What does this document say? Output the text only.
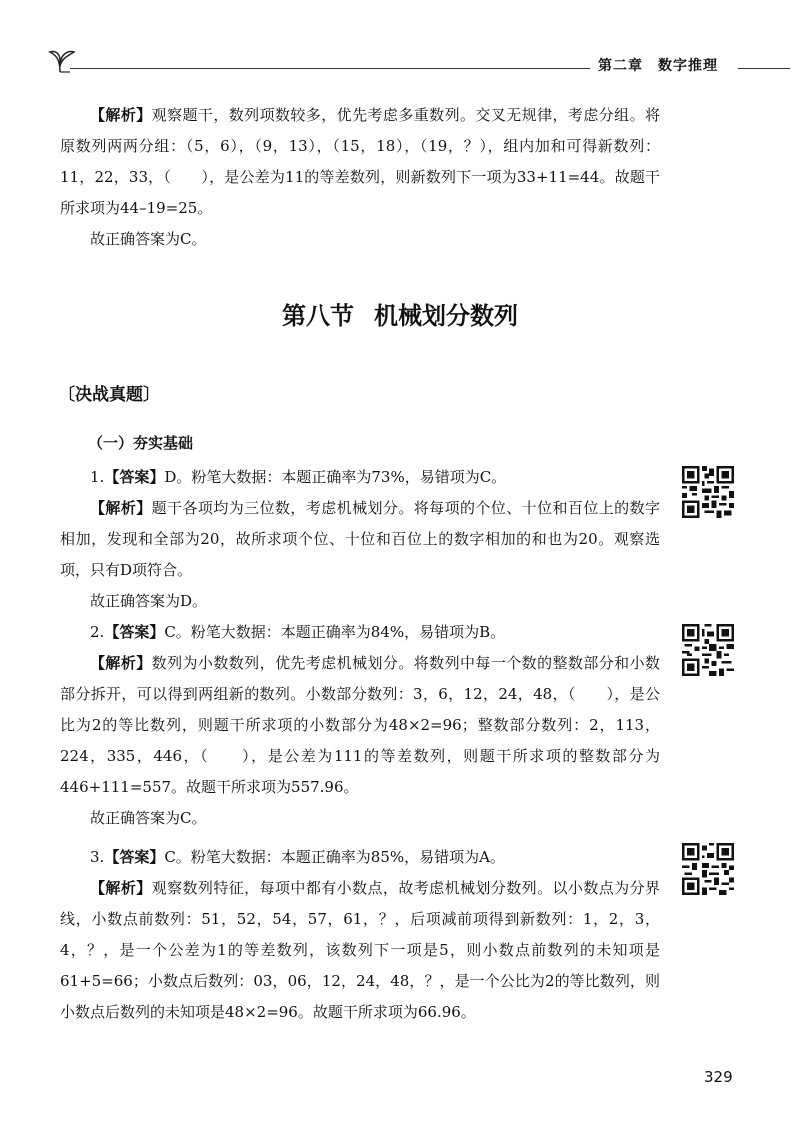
第二章　数字推理

【解析】观察题干，数列项数较多，优先考虑多重数列。交叉无规律，考虑分组。将原数列两两分组：（5，6），（9，13），（15，18），（19，？），组内加和可得新数列：11，22，33，（　　），是公差为11的等差数列，则新数列下一项为33+11=44。故题干所求项为44–19=25。

故正确答案为C。

第八节 机械划分数列
〔决战真题〕
（一）夯实基础

1.【答案】D。粉笔大数据：本题正确率为73%，易错项为C。

【解析】题干各项均为三位数，考虑机械划分。将每项的个位、十位和百位上的数字相加，发现和全部为20，故所求项个位、十位和百位上的数字相加的和也为20。观察选项，只有D项符合。

故正确答案为D。

2.【答案】C。粉笔大数据：本题正确率为84%，易错项为B。

【解析】数列为小数数列，优先考虑机械划分。将数列中每一个数的整数部分和小数部分拆开，可以得到两组新的数列。小数部分数列：3，6，12，24，48，（　　），是公比为2的等比数列，则题干所求项的小数部分为48×2=96；整数部分数列：2，113，224，335，446，（　　），是公差为111的等差数列，则题干所求项的整数部分为446+111=557。故题干所求项为557.96。

故正确答案为C。

3.【答案】C。粉笔大数据：本题正确率为85%，易错项为A。

【解析】观察数列特征，每项中都有小数点，故考虑机械划分数列。以小数点为分界线，小数点前数列：51，52，54，57，61，？，后项减前项得到新数列：1，2，3，4，？，是一个公差为1的等差数列，该数列下一项是5，则小数点前数列的未知项是61+5=66；小数点后数列：03，06，12，24，48，？，是一个公比为2的等比数列，则小数点后数列的未知项是48×2=96。故题干所求项为66.96。

329
